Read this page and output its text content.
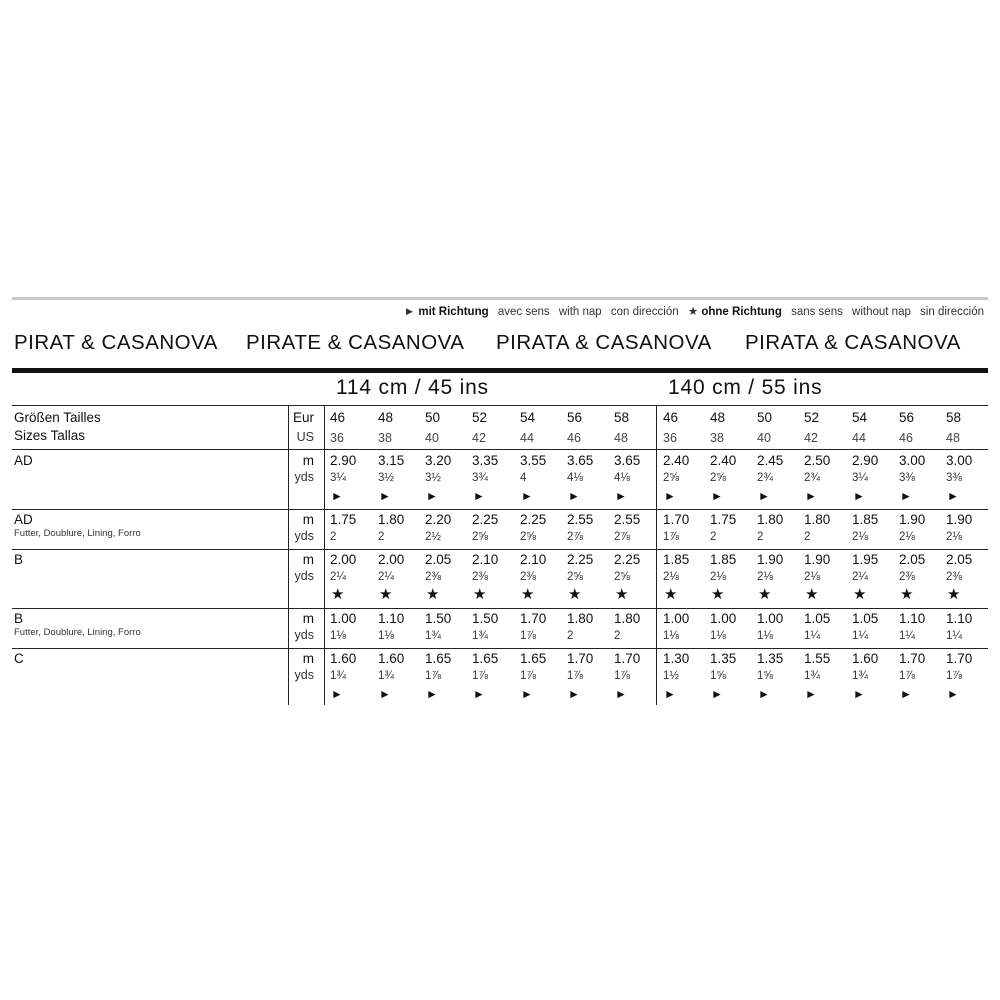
► mit Richtung avec sens with nap con dirección ★ ohne Richtung sans sens without nap sin dirección
PIRAT & CASANOVA PIRATE & CASANOVA PIRATA & CASANOVA PIRATA & CASANOVA
114 cm / 45 ins	140 cm / 55 ins
Größen Tailles
Sizes Tallas
Eur
US
46 48 50 52 54 56 58	46 48 50 52 54 56 58
36	38	40	42	44	46	48	36	38	40	42	44	46	48
AD	m
yds
2.90 3.15 3.20 3.35 3.55 3.65 3.65 2.40 2.40 2.45 2.50 2.90 3.00 3.00
3¼	3½	3½	3¾	4	4⅛	4⅛	2⅝	2⅝	2¾	2¾	3¼	3⅜	3⅜
►	►	►	►	►	►	►	►	►	►	►	►	►	►
AD
Futter, Doublure, Lining, Forro
m
yds
1.75 1.80 2.20 2.25 2.25 2.55 2.55 1.70 1.75 1.80 1.80 1.85 1.90 1.90
2	2	2½	2⅝	2⅝	2⅞	2⅞	1⅞	2	2	2	2⅛	2⅛	2⅛
B	m
yds
2.00 2.00 2.05 2.10 2.10 2.25 2.25 1.85 1.85 1.90 1.90 1.95 2.05 2.05
2¼	2¼	2⅜	2⅜	2⅜	2⅝	2⅝	2⅛	2⅛	2⅛	2⅛	2¼	2⅜	2⅜
★ ★ ★ ★ ★ ★ ★ ★ ★ ★ ★ ★ ★ ★
B
Futter, Doublure, Lining, Forro
m
yds
1.00 1.10 1.50 1.50 1.70 1.80 1.80 1.00 1.00 1.00 1.05 1.05 1.10 1.10
1⅛	1⅛	1¾	1¾	1⅞	2	2	1⅛	1⅛	1⅛	1¼	1¼	1¼	1¼
C	m
yds
1.60 1.60 1.65 1.65 1.65 1.70 1.70 1.30 1.35 1.35 1.55 1.60 1.70 1.70
1¾	1¾	1⅞	1⅞	1⅞	1⅞	1⅞	1½	1⅝	1⅝	1¾	1¾	1⅞	1⅞
►	►	►	►	►	►	►	►	►	►	►	►	►	►
